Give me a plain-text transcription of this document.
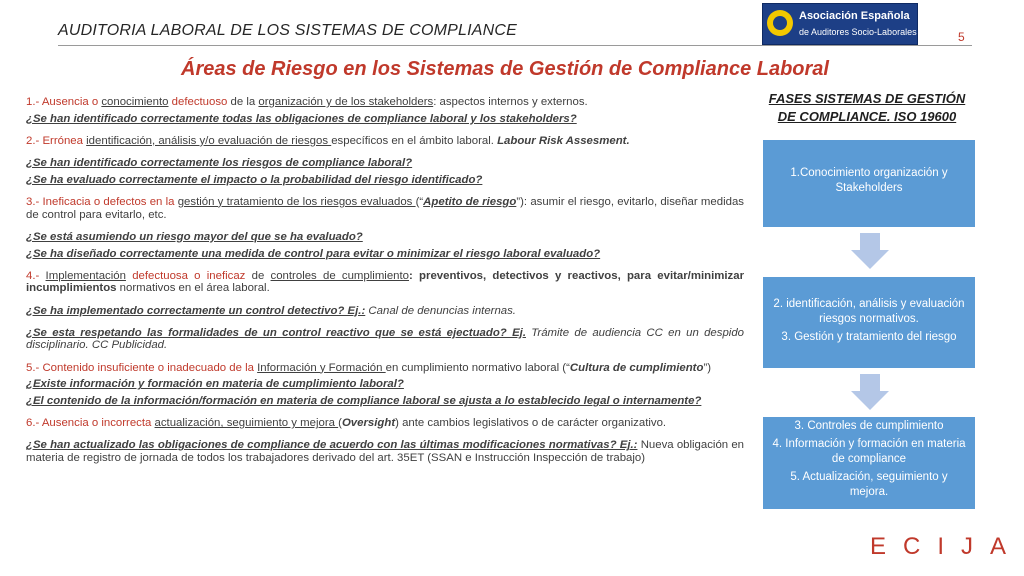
AUDITORIA LABORAL DE LOS SISTEMAS DE COMPLIANCE
Asociación Española
de Auditores Socio-Laborales	5
Áreas de Riesgo en los Sistemas de Gestión de Compliance Laboral

1.- Ausencia o conocimiento defectuoso de la organización y de los stakeholders: aspectos internos y externos.

¿Se han identificado correctamente todas las obligaciones de compliance laboral y los stakeholders?

2.- Errónea identificación, análisis y/o evaluación de riesgos específicos en el ámbito laboral. Labour Risk Assesment.

¿Se han identificado correctamente los riesgos de compliance laboral?

¿Se ha evaluado correctamente el impacto o la probabilidad del riesgo identificado?

3.- Ineficacia o defectos en la gestión y tratamiento de los riesgos evaluados (“Apetito de riesgo”): asumir el riesgo, evitarlo, diseñar medidas de control para evitarlo, etc.

¿Se está asumiendo un riesgo mayor del que se ha evaluado?

¿Se ha diseñado correctamente una medida de control para evitar o minimizar el riesgo laboral evaluado?

4.- Implementación defectuosa o ineficaz de controles de cumplimiento: preventivos, detectivos y reactivos, para evitar/minimizar incumplimientos normativos en el área laboral.

¿Se ha implementado correctamente un control detectivo? Ej.: Canal de denuncias internas.

¿Se esta respetando las formalidades de un control reactivo que se está ejectuado? Ej. Trámite de audiencia CC en un despido disciplinario. CC Publicidad.

5.- Contenido insuficiente o inadecuado de la Información y Formación en cumplimiento normativo laboral (“Cultura de cumplimiento”)

¿Existe información y formación en materia de cumplimiento laboral?

¿El contenido de la información/formación en materia de compliance laboral se ajusta a lo establecido legal o internamente?

6.- Ausencia o incorrecta actualización, seguimiento y mejora (Oversight) ante cambios legislativos o de carácter organizativo.

¿Se han actualizado las obligaciones de compliance de acuerdo con las últimas modificaciones normativas? Ej.: Nueva obligación en materia de registro de jornada de todos los trabajadores derivado del art. 35ET (SSAN e Instrucción Inspección de trabajo)

FASES SISTEMAS DE GESTIÓN
DE COMPLIANCE. ISO 19600
1.Conocimiento organización y Stakeholders
2. identificación, análisis y evaluación riesgos normativos.
3. Gestión y tratamiento del riesgo
3. Controles de cumplimiento
4. Información y formación en materia de compliance
5. Actualización, seguimiento y mejora.
ECIJA
